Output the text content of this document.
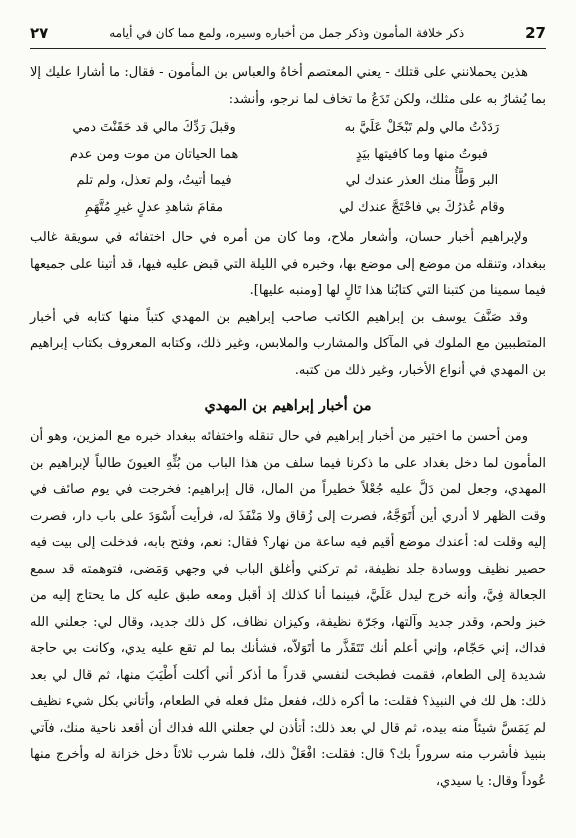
27
ذكر خلافة المأمون وذكر جمل من أخباره وسيره، ولمع مما كان في أيامه
٢٧

هذين يحملانني على قتلك - يعني المعتصم أخاهُ والعباس بن المأمون - فقال: ما أشارا عليك إلا بما يُشارُ به على مثلك، ولكن تَدَعُ ما تخاف لما نرجو، وأنشد:

رَدَدْتُ مالي ولم تَبْخَلْ عَلَيَّ به
وقبلَ رَدِّكَ مالي قد حَقَنْتَ دمي
فبوتُ منها وما كافيتها بيَدٍ
هما الحياتان من موت ومن عدم
البر وَطَّأُ منك العذر عندك لي
فيما أتيتُ، ولم تعذل، ولم تلم
وقام عُذرُكَ بي فاحْتَجَّ عندك لي
مقامَ شاهدِ عدلٍ غيرِ مُتَّهَمِ

ولإبراهيم أخبار حسان، وأشعار ملاح، وما كان من أمره في حال اختفائه في سويقة غالب ببغداد، وتنقله من موضع إلى موضع بها، وخبره في الليلة التي قبض عليه فيها، قد أتينا على جميعها فيما سمينا من كتبنا التي كتابُنا هذا تَالٍ لها [ومنبه عليها].

وقد صَنَّفَ يوسف بن إبراهيم الكاتب صاحب إبراهيم بن المهدي كتباً منها كتابه في أخبار المتطببين مع الملوك في المآكل والمشارب والملابس، وغير ذلك، وكتابه المعروف بكتاب إبراهيم بن المهدي في أنواع الأخبار، وغير ذلك من كتبه.

من أخبار إبراهيم بن المهدي

ومن أحسن ما اختير من أخبار إبراهيم في حال تنقله واختفائه ببغداد خبره مع المزين، وهو أن المأمون لما دخل بغداد على ما ذكرنا فيما سلف من هذا الباب من بُثِّهِ العيونَ طالباً لإبراهيم بن المهدي، وجعل لمن دَلَّ عليه جُعْلاً خطيراً من المال، قال إبراهيم: فخرجت في يوم صائف في وقت الظهر لا أدري أين أَتَوَجَّهُ، فصرت إلى زُقاق ولا مَنْفَذَ له، فرأيت أَسْوَدَ على باب دار، فصرت إليه وقلت له: أعندك موضع أقيم فيه ساعة من نهار؟ فقال: نعم، وفتح بابه، فدخلت إلى بيت فيه حصير نظيف ووسادة جلد نظيفة، ثم تركني وأغلق الباب في وجهي وَمَضى، فتوهمته قد سمع الجعالة فِيَّ، وأنه خرج ليدل عَلَيَّ، فبينما أنا كذلك إذ أقبل ومعه طبق عليه كل ما يحتاج إليه من خبز ولحم، وقدر جديد وآلتها، وجَرّة نظيفة، وكيزان نظاف، كل ذلك جديد، وقال لي: جعلني الله فداك، إني حَجّام، وإني أعلم أنك تَتَقَذَّر ما أتَوَلاّه، فشأنك بما لم تقع عليه يدي، وكانت بي حاجة شديدة إلى الطعام، فقمت فطبخت لنفسي قدراً ما أذكر أني أكلت أَطْيَبَ منها، ثم قال لي بعد ذلك: هل لك في النبيذ؟ فقلت: ما أكره ذلك، ففعل مثل فعله في الطعام، وأتاني بكل شيء نظيف لم يَمَسَّ شيئاً منه بيده، ثم قال لي بعد ذلك: أتأذن لي جعلني الله فداك أن أقعد ناحية منك، فآتي بنبيذ فأشرب منه سروراً بك؟ قال: فقلت: افْعَلْ ذلك، فلما شرب ثلاثاً دخل خزانة له وأخرج منها عُوداً وقال: يا سيدي،
